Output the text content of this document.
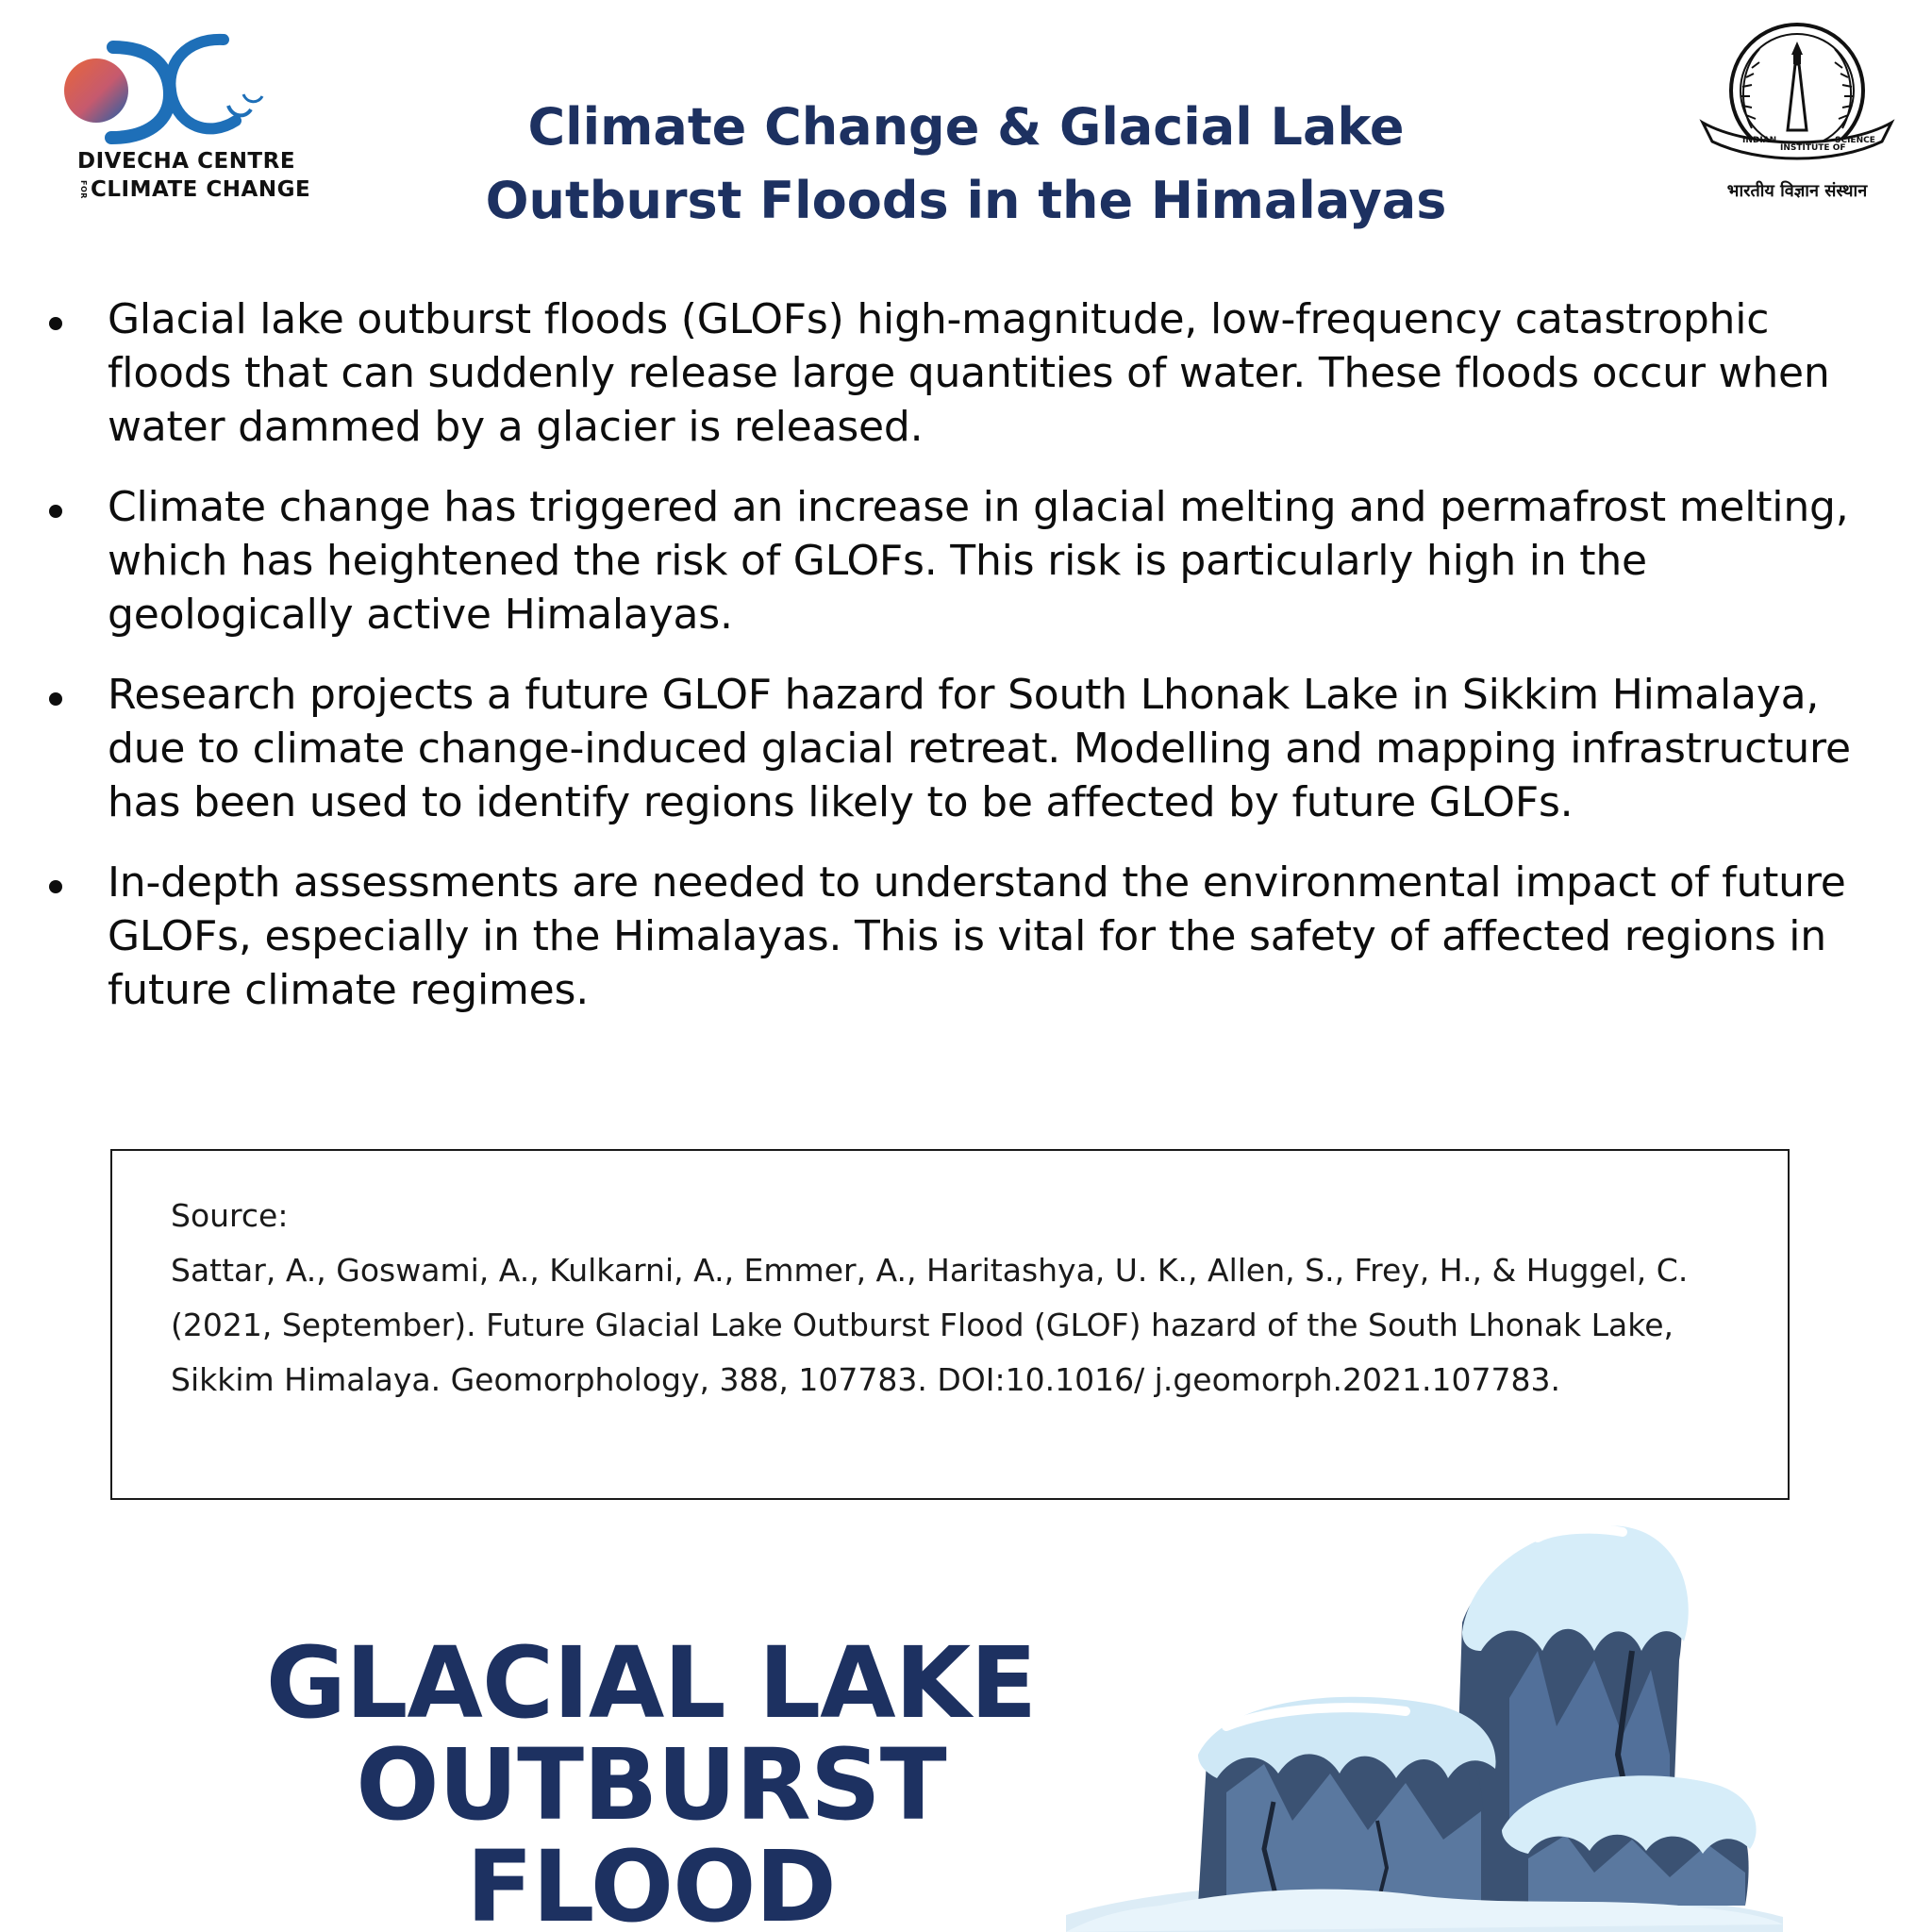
DIVECHA CENTRE
FOR CLIMATE CHANGE
INDIAN
INSTITUTE OF
SCIENCE
भारतीय विज्ञान संस्थान
Climate Change & Glacial Lake
Outburst Floods in the Himalayas
Glacial lake outburst floods (GLOFs) high-magnitude, low-frequency catastrophic floods that can suddenly release large quantities of water. These floods occur when water dammed by a glacier is released.
Climate change has triggered an increase in glacial melting and permafrost melting, which has heightened the risk of GLOFs. This risk is particularly high in the geologically active Himalayas.
Research projects a future GLOF hazard for South Lhonak Lake in Sikkim Himalaya, due to climate change-induced glacial retreat. Modelling and mapping infrastructure has been used to identify regions likely to be affected by future GLOFs.
In-depth assessments are needed to understand the environmental impact of future GLOFs, especially in the Himalayas. This is vital for the safety of affected regions in future climate regimes.

Source:

Sattar, A., Goswami, A., Kulkarni, A., Emmer, A., Haritashya, U. K., Allen, S., Frey, H., & Huggel, C. (2021, September). Future Glacial Lake Outburst Flood (GLOF) hazard of the South Lhonak Lake, Sikkim Himalaya. Geomorphology, 388, 107783. DOI:10.1016/ j.geomorph.2021.107783.

GLACIAL LAKE
OUTBURST FLOOD
